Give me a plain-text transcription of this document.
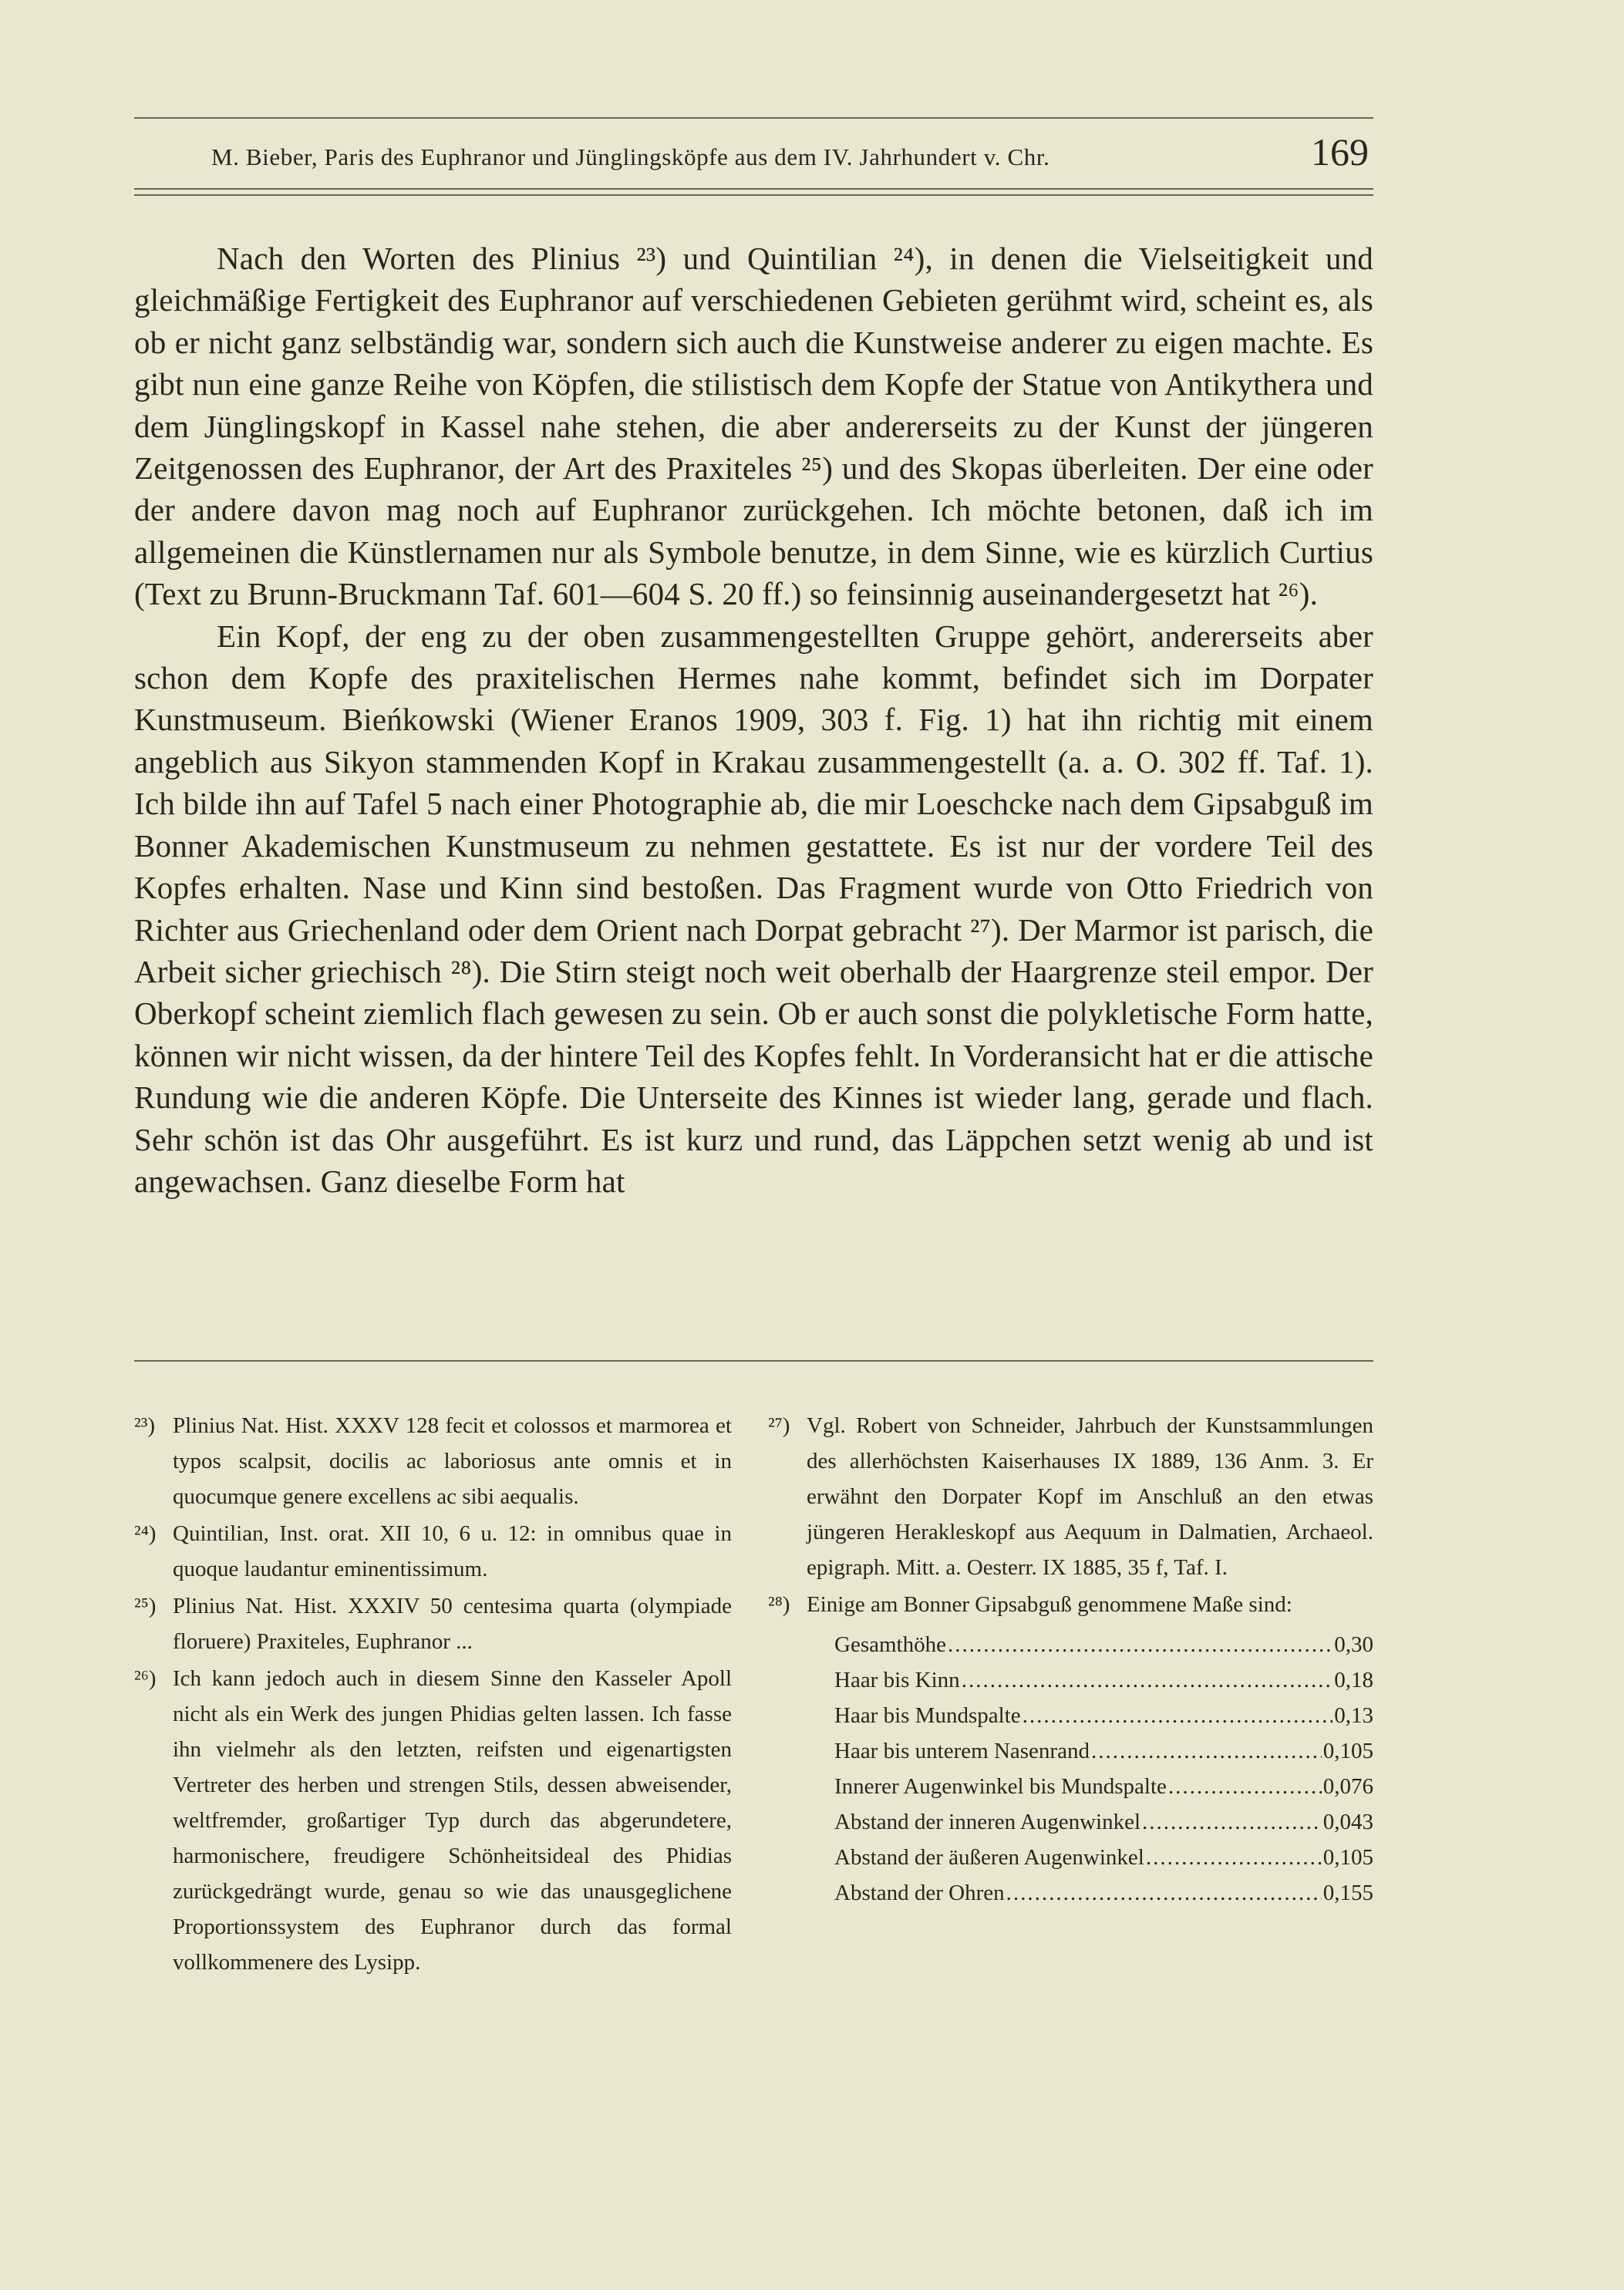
M. Bieber, Paris des Euphranor und Jünglingsköpfe aus dem IV. Jahrhundert v. Chr.	169

Nach den Worten des Plinius ²³) und Quintilian ²⁴), in denen die Vielseitigkeit und gleichmäßige Fertigkeit des Euphranor auf verschiedenen Gebieten gerühmt wird, scheint es, als ob er nicht ganz selbständig war, sondern sich auch die Kunstweise anderer zu eigen machte. Es gibt nun eine ganze Reihe von Köpfen, die stilistisch dem Kopfe der Statue von Antikythera und dem Jünglingskopf in Kassel nahe stehen, die aber andererseits zu der Kunst der jüngeren Zeitgenossen des Euphranor, der Art des Praxiteles ²⁵) und des Skopas überleiten. Der eine oder der andere davon mag noch auf Euphranor zurückgehen. Ich möchte betonen, daß ich im allgemeinen die Künstlernamen nur als Symbole benutze, in dem Sinne, wie es kürzlich Curtius (Text zu Brunn-Bruckmann Taf. 601—604 S. 20 ff.) so feinsinnig auseinandergesetzt hat ²⁶).

Ein Kopf, der eng zu der oben zusammengestellten Gruppe gehört, andererseits aber schon dem Kopfe des praxitelischen Hermes nahe kommt, befindet sich im Dorpater Kunstmuseum. Bieńkowski (Wiener Eranos 1909, 303 f. Fig. 1) hat ihn richtig mit einem angeblich aus Sikyon stammenden Kopf in Krakau zusammengestellt (a. a. O. 302 ff. Taf. 1). Ich bilde ihn auf Tafel 5 nach einer Photographie ab, die mir Loeschcke nach dem Gipsabguß im Bonner Akademischen Kunstmuseum zu nehmen gestattete. Es ist nur der vordere Teil des Kopfes erhalten. Nase und Kinn sind bestoßen. Das Fragment wurde von Otto Friedrich von Richter aus Griechenland oder dem Orient nach Dorpat gebracht ²⁷). Der Marmor ist parisch, die Arbeit sicher griechisch ²⁸). Die Stirn steigt noch weit oberhalb der Haargrenze steil empor. Der Oberkopf scheint ziemlich flach gewesen zu sein. Ob er auch sonst die polykletische Form hatte, können wir nicht wissen, da der hintere Teil des Kopfes fehlt. In Vorderansicht hat er die attische Rundung wie die anderen Köpfe. Die Unterseite des Kinnes ist wieder lang, gerade und flach. Sehr schön ist das Ohr ausgeführt. Es ist kurz und rund, das Läppchen setzt wenig ab und ist angewachsen. Ganz dieselbe Form hat

²³) Plinius Nat. Hist. XXXV 128 fecit et colossos et marmorea et typos scalpsit, docilis ac laboriosus ante omnis et in quocumque genere excellens ac sibi aequalis.
²⁴) Quintilian, Inst. orat. XII 10, 6 u. 12: in omnibus quae in quoque laudantur eminentissimum.
²⁵) Plinius Nat. Hist. XXXIV 50 centesima quarta (olympiade floruere) Praxiteles, Euphranor ...
²⁶) Ich kann jedoch auch in diesem Sinne den Kasseler Apoll nicht als ein Werk des jungen Phidias gelten lassen. Ich fasse ihn vielmehr als den letzten, reifsten und eigenartigsten Vertreter des herben und strengen Stils, dessen abweisender, weltfremder, großartiger Typ durch das abgerundetere, harmonischere, freudigere Schönheitsideal des Phidias zurückgedrängt wurde, genau so wie das unausgeglichene Proportionssystem des Euphranor durch das formal vollkommenere des Lysipp.
²⁷) Vgl. Robert von Schneider, Jahrbuch der Kunstsammlungen des allerhöchsten Kaiserhauses IX 1889, 136 Anm. 3. Er erwähnt den Dorpater Kopf im Anschluß an den etwas jüngeren Herakleskopf aus Aequum in Dalmatien, Archaeol. epigraph. Mitt. a. Oesterr. IX 1885, 35 f, Taf. I.
²⁸) Einige am Bonner Gipsabguß genommene Maße sind:
Gesamthöhe .....	0,30
Haar bis Kinn .....	0,18
Haar bis Mundspalte .....	0,13
Haar bis unterem Nasenrand .....	0,105
Innerer Augenwinkel bis Mundspalte .....	0,076
Abstand der inneren Augenwinkel .....	0,043
Abstand der äußeren Augenwinkel .....	0,105
Abstand der Ohren .....	0,155
